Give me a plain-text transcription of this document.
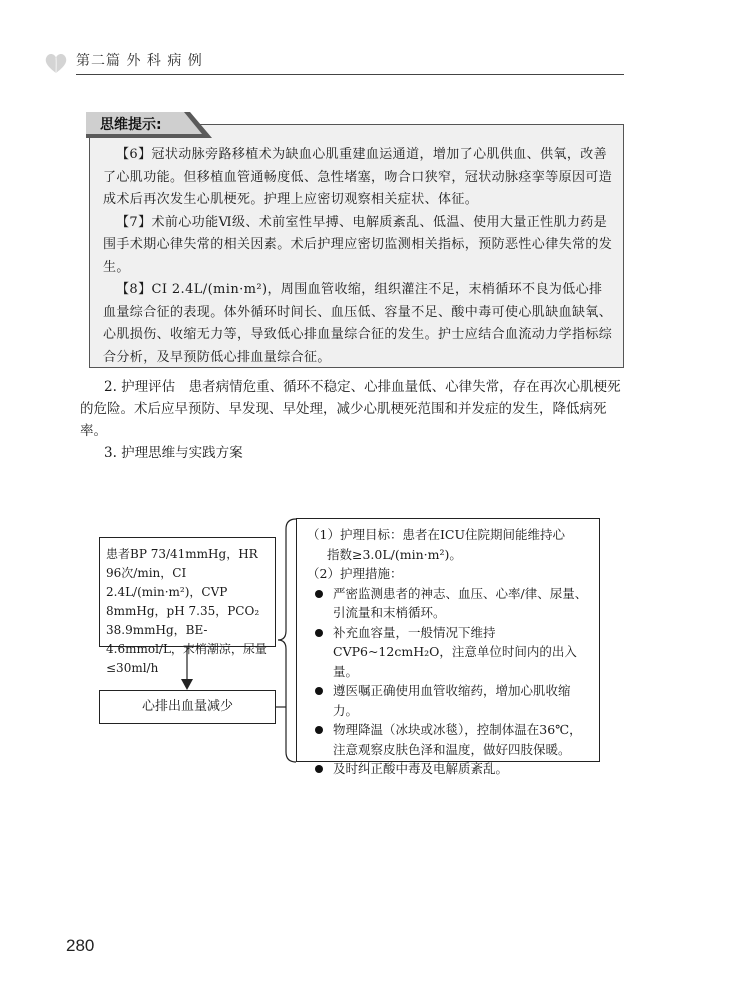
第二篇 外 科 病 例
思维提示:

【6】冠状动脉旁路移植术为缺血心肌重建血运通道，增加了心肌供血、供氧，改善了心肌功能。但移植血管通畅度低、急性堵塞，吻合口狭窄，冠状动脉痉挛等原因可造成术后再次发生心肌梗死。护理上应密切观察相关症状、体征。

【7】术前心功能Ⅵ级、术前室性早搏、电解质紊乱、低温、使用大量正性肌力药是围手术期心律失常的相关因素。术后护理应密切监测相关指标，预防恶性心律失常的发生。

【8】CI 2.4L/(min·m²)，周围血管收缩，组织灌注不足，末梢循环不良为低心排血量综合征的表现。体外循环时间长、血压低、容量不足、酸中毒可使心肌缺血缺氧、心肌损伤、收缩无力等，导致低心排血量综合征的发生。护士应结合血流动力学指标综合分析，及早预防低心排血量综合征。

2. 护理评估　患者病情危重、循环不稳定、心排血量低、心律失常，存在再次心肌梗死的危险。术后应早预防、早发现、早处理，减少心肌梗死范围和并发症的发生，降低病死率。

3. 护理思维与实践方案

患者BP 73/41mmHg，HR 96次/min，CI 2.4L/(min·m²)，CVP 8mmHg，pH 7.35，PCO₂ 38.9mmHg，BE-4.6mmol/L，末梢潮凉，尿量≤30ml/h
心排出血量减少
（1）护理目标：患者在ICU住院期间能维持心
指数≥3.0L/(min·m²)。
（2）护理措施：
严密监测患者的神志、血压、心率/律、尿量、引流量和末梢循环。
补充血容量，一般情况下维持CVP6~12cmH₂O，注意单位时间内的出入量。
遵医嘱正确使用血管收缩药，增加心肌收缩力。
物理降温（冰块或冰毯），控制体温在36℃，注意观察皮肤色泽和温度，做好四肢保暖。
及时纠正酸中毒及电解质紊乱。
280
